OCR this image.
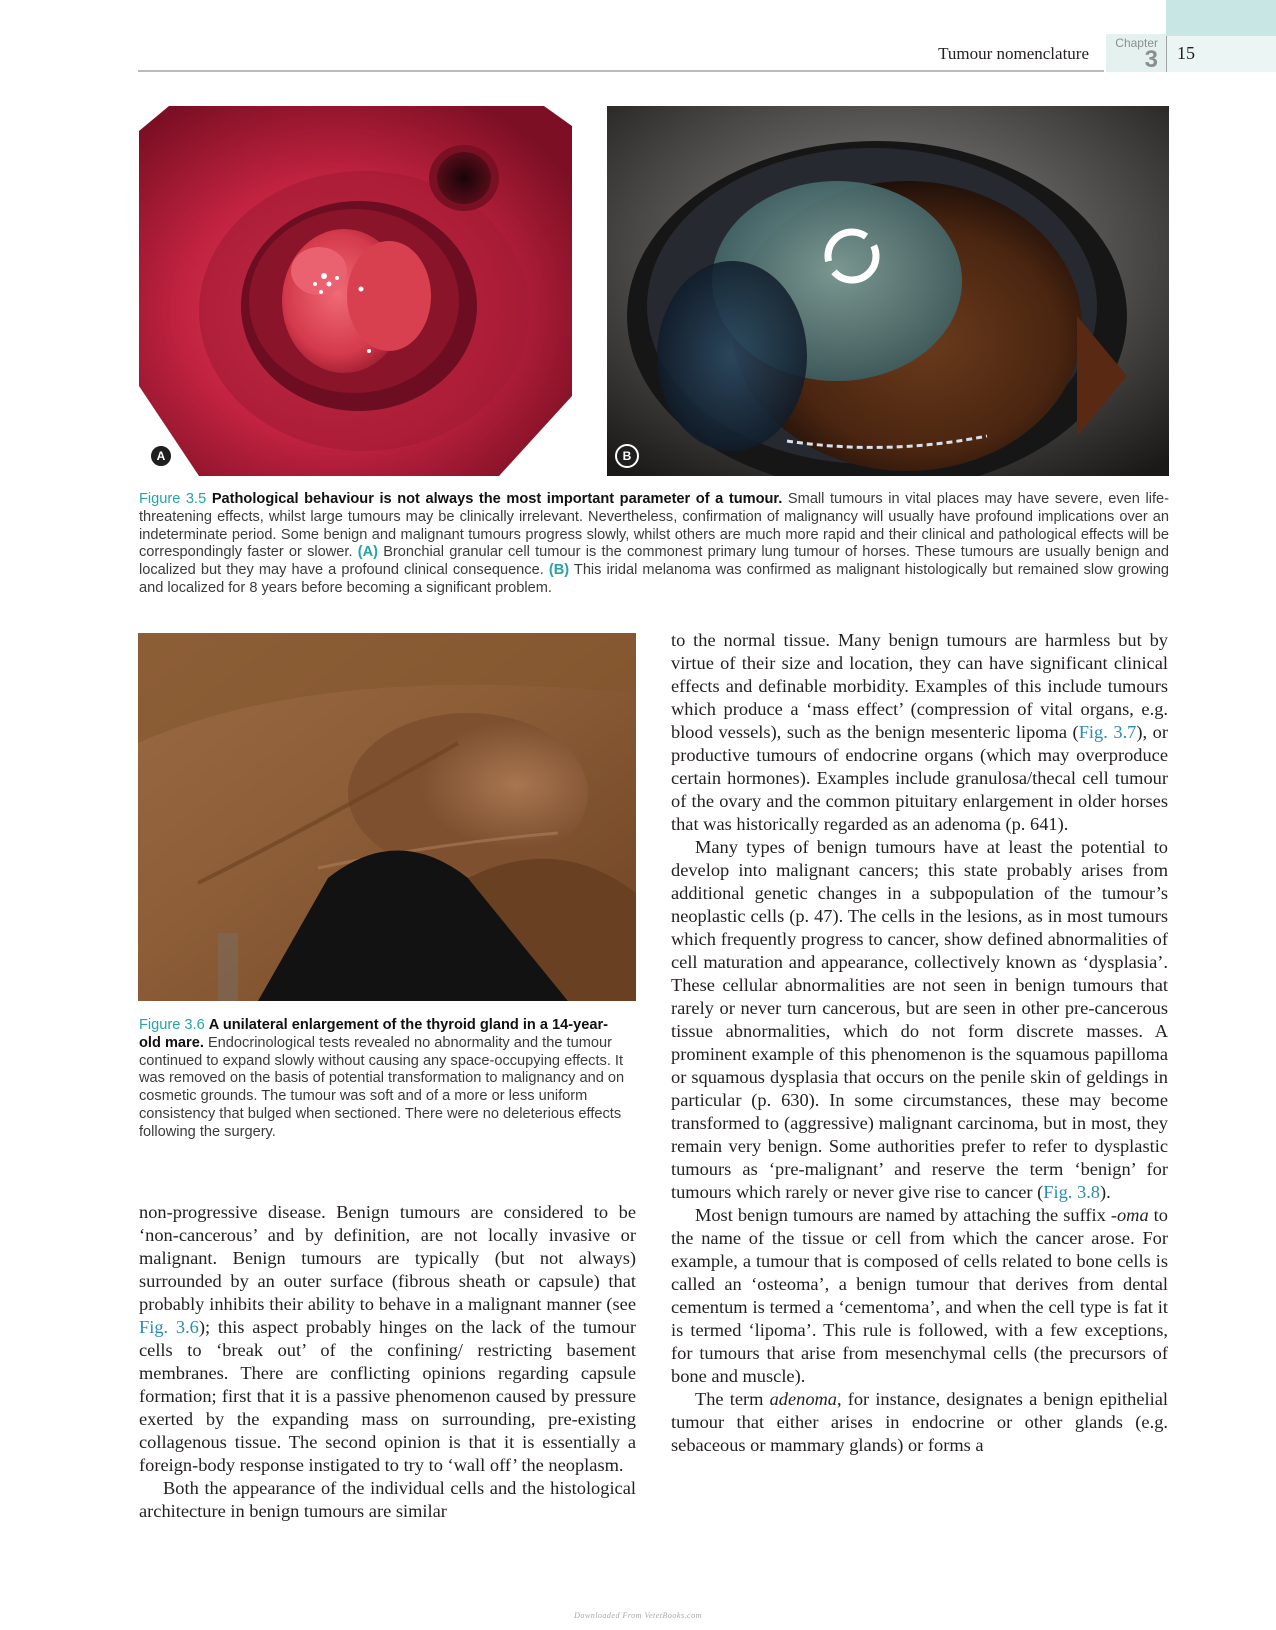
Chapter
3
Tumour nomenclature	15
A	B
Figure 3.5 Pathological behaviour is not always the most important parameter of a tumour. Small tumours in vital places may have severe, even life-threatening effects, whilst large tumours may be clinically irrelevant. Nevertheless, confirmation of malignancy will usually have profound implications over an indeterminate period. Some benign and malignant tumours progress slowly, whilst others are much more rapid and their clinical and pathological effects will be correspondingly faster or slower. (A) Bronchial granular cell tumour is the commonest primary lung tumour of horses. These tumours are usually benign and localized but they may have a profound clinical consequence. (B) This iridal melanoma was confirmed as malignant histologically but remained slow growing and localized for 8 years before becoming a significant problem.
Figure 3.6 A unilateral enlargement of the thyroid gland in a 14-year-old mare. Endocrinological tests revealed no abnormality and the tumour continued to expand slowly without causing any space-occupying effects. It was removed on the basis of potential transformation to malignancy and on cosmetic grounds. The tumour was soft and of a more or less uniform consistency that bulged when sectioned. There were no deleterious effects following the surgery.

to the normal tissue. Many benign tumours are harmless but by virtue of their size and location, they can have significant clinical effects and definable morbidity. Examples of this include tumours which produce a ‘mass effect’ (compression of vital organs, e.g. blood vessels), such as the benign mesenteric lipoma (Fig. 3.7), or productive tumours of endocrine organs (which may overproduce certain hormones). Examples include granulosa/thecal cell tumour of the ovary and the common pituitary enlargement in older horses that was historically regarded as an adenoma (p. 641).

Many types of benign tumours have at least the potential to develop into malignant cancers; this state probably arises from additional genetic changes in a subpopulation of the tumour’s neoplastic cells (p. 47). The cells in the lesions, as in most tumours which frequently progress to cancer, show defined abnormalities of cell maturation and appearance, collectively known as ‘dysplasia’. These cellular abnormalities are not seen in benign tumours that rarely or never turn cancerous, but are seen in other pre-cancerous tissue abnormalities, which do not form discrete masses. A prominent example of this phenomenon is the squamous papilloma or squamous dysplasia that occurs on the penile skin of geldings in particular (p. 630). In some circumstances, these may become transformed to (aggressive) malignant carcinoma, but in most, they remain very benign. Some authorities prefer to refer to dysplastic tumours as ‘pre-malignant’ and reserve the term ‘benign’ for tumours which rarely or never give rise to cancer (Fig. 3.8).

Most benign tumours are named by attaching the suffix -oma to the name of the tissue or cell from which the cancer arose. For example, a tumour that is composed of cells related to bone cells is called an ‘osteoma’, a benign tumour that derives from dental cementum is termed a ‘cementoma’, and when the cell type is fat it is termed ‘lipoma’. This rule is followed, with a few exceptions, for tumours that arise from mesenchymal cells (the precursors of bone and muscle).

The term adenoma, for instance, designates a benign epithelial tumour that either arises in endocrine or other glands (e.g. sebaceous or mammary glands) or forms a

non-progressive disease. Benign tumours are considered to be ‘non-cancerous’ and by definition, are not locally invasive or malignant. Benign tumours are typically (but not always) surrounded by an outer surface (fibrous sheath or capsule) that probably inhibits their ability to behave in a malignant manner (see Fig. 3.6); this aspect probably hinges on the lack of the tumour cells to ‘break out’ of the confining/ restricting basement membranes. There are conflicting opinions regarding capsule formation; first that it is a passive phenomenon caused by pressure exerted by the expanding mass on surrounding, pre-existing collagenous tissue. The second opinion is that it is essentially a foreign-body response instigated to try to ‘wall off’ the neoplasm.

Both the appearance of the individual cells and the histological architecture in benign tumours are similar

Downloaded From VetetBooks.com
